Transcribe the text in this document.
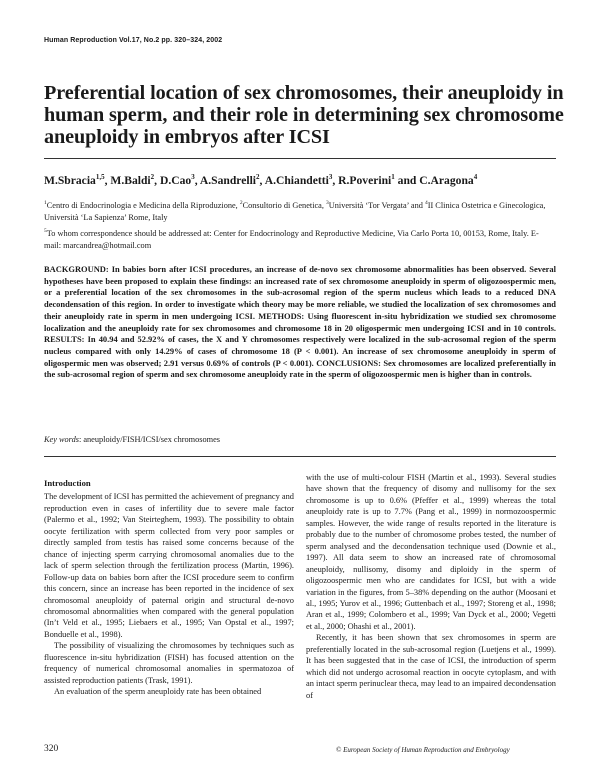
Human Reproduction Vol.17, No.2 pp. 320–324, 2002
Preferential location of sex chromosomes, their aneuploidy in human sperm, and their role in determining sex chromosome aneuploidy in embryos after ICSI
M.Sbracia$^{1,5}$, M.Baldi$^2$, D.Cao$^3$, A.Sandrelli$^2$, A.Chiandetti$^3$, R.Poverini$^1$ and C.Aragona$^4$
$^1$Centro di Endocrinologia e Medicina della Riproduzione, $^2$Consultorio di Genetica, $^3$Università ‘Tor Vergata’ and $^4$II Clinica Ostetrica e Ginecologica, Università ‘La Sapienza’ Rome, Italy
$^5$To whom correspondence should be addressed at: Center for Endocrinology and Reproductive Medicine, Via Carlo Porta 10, 00153, Rome, Italy. E-mail: marcandrea@hotmail.com
BACKGROUND: In babies born after ICSI procedures, an increase of de-novo sex chromosome abnormalities has been observed. Several hypotheses have been proposed to explain these findings: an increased rate of sex chromosome aneuploidy in sperm of oligozoospermic men, or a preferential location of the sex chromosomes in the sub-acrosomal region of the sperm nucleus which leads to a reduced DNA decondensation of this region. In order to investigate which theory may be more reliable, we studied the localization of sex chromosomes and their aneuploidy rate in sperm in men undergoing ICSI. METHODS: Using fluorescent in-situ hybridization we studied sex chromosome localization and the aneuploidy rate for sex chromosomes and chromosome 18 in 20 oligospermic men undergoing ICSI and in 10 controls. RESULTS: In 40.94 and 52.92% of cases, the X and Y chromosomes respectively were localized in the sub-acrosomal region of the sperm nucleus compared with only 14.29% of cases of chromosome 18 (P < 0.001). An increase of sex chromosome aneuploidy in sperm of oligospermic men was observed; 2.91 versus 0.69% of controls (P < 0.001). CONCLUSIONS: Sex chromosomes are localized preferentially in the sub-acrosomal region of sperm and sex chromosome aneuploidy rate in the sperm of oligozoospermic men is higher than in controls.
Key words: aneuploidy/FISH/ICSI/sex chromosomes
Introduction

The development of ICSI has permitted the achievement of pregnancy and reproduction even in cases of infertility due to severe male factor (Palermo et al., 1992; Van Steirteghem, 1993). The possibility to obtain oocyte fertilization with sperm collected from very poor samples or directly sampled from testis has raised some concerns because of the chance of injecting sperm carrying chromosomal anomalies due to the lack of sperm selection through the fertilization process (Martin, 1996). Follow-up data on babies born after the ICSI procedure seem to confirm this concern, since an increase has been reported in the incidence of sex chromosomal aneuploidy of paternal origin and structural de-novo chromosomal abnormalities when compared with the general population (In’t Veld et al., 1995; Liebaers et al., 1995; Van Opstal et al., 1997; Bonduelle et al., 1998).

The possibility of visualizing the chromosomes by techniques such as fluorescence in-situ hybridization (FISH) has focused attention on the frequency of numerical chromosomal anomalies in spermatozoa of assisted reproduction patients (Trask, 1991).

An evaluation of the sperm aneuploidy rate has been obtained

with the use of multi-colour FISH (Martin et al., 1993). Several studies have shown that the frequency of disomy and nullisomy for the sex chromosome is up to 0.6% (Pfeffer et al., 1999) whereas the total aneuploidy rate is up to 7.7% (Pang et al., 1999) in normozoospermic samples. However, the wide range of results reported in the literature is probably due to the number of chromosome probes tested, the number of sperm analysed and the decondensation technique used (Downie et al., 1997). All data seem to show an increased rate of chromosomal aneuploidy, nullisomy, disomy and diploidy in the sperm of oligozoospermic men who are candidates for ICSI, but with a wide variation in the figures, from 5–38% depending on the author (Moosani et al., 1995; Yurov et al., 1996; Guttenbach et al., 1997; Storeng et al., 1998; Aran et al., 1999; Colombero et al., 1999; Van Dyck et al., 2000; Vegetti et al., 2000; Ohashi et al., 2001).

Recently, it has been shown that sex chromosomes in sperm are preferentially located in the sub-acrosomal region (Luetjens et al., 1999). It has been suggested that in the case of ICSI, the introduction of sperm which did not undergo acrosomal reaction in oocyte cytoplasm, and with an intact sperm perinuclear theca, may lead to an impaired decondensation of

320	© European Society of Human Reproduction and Embryology
